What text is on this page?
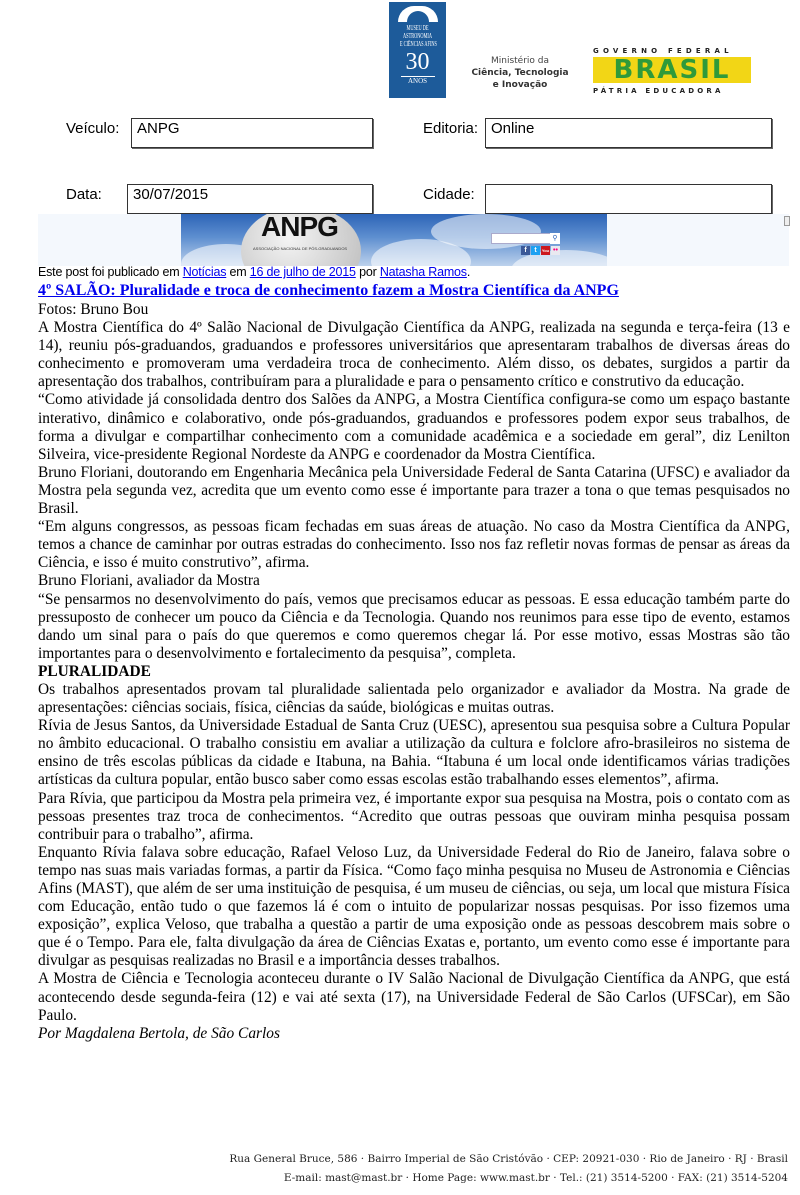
MUSEU DE
ASTRONOMIA
E CIÊNCIAS AFINS
30
ANOS
Ministério da
Ciência, Tecnologia
e Inovação
GOVERNO FEDERAL
BRASIL
PÁTRIA EDUCADORA
Veículo: ANPG	Editoria: Online
Data: 30/07/2015	Cidade:
ANPG
ASSOCIAÇÃO NACIONAL DE PÓS-GRADUANDOS
⚲
f	t	You ••
Este post foi publicado em Notícias em 16 de julho de 2015 por Natasha Ramos.
4º SALÃO: Pluralidade e troca de conhecimento fazem a Mostra Científica da ANPG

Fotos: Bruno Bou

A Mostra Científica do 4º Salão Nacional de Divulgação Científica da ANPG, realizada na segunda e terça-feira (13 e 14), reuniu pós-graduandos, graduandos e professores universitários que apresentaram trabalhos de diversas áreas do conhecimento e promoveram uma verdadeira troca de conhecimento. Além disso, os debates, surgidos a partir da apresentação dos trabalhos, contribuíram para a pluralidade e para o pensamento crítico e construtivo da educação.

“Como atividade já consolidada dentro dos Salões da ANPG, a Mostra Científica configura-se como um espaço bastante interativo, dinâmico e colaborativo, onde pós-graduandos, graduandos e professores podem expor seus trabalhos, de forma a divulgar e compartilhar conhecimento com a comunidade acadêmica e a sociedade em geral”, diz Lenilton Silveira, vice-presidente Regional Nordeste da ANPG e coordenador da Mostra Científica.

Bruno Floriani, doutorando em Engenharia Mecânica pela Universidade Federal de Santa Catarina (UFSC) e avaliador da Mostra pela segunda vez, acredita que um evento como esse é importante para trazer a tona o que temas pesquisados no Brasil.

“Em alguns congressos, as pessoas ficam fechadas em suas áreas de atuação. No caso da Mostra Científica da ANPG, temos a chance de caminhar por outras estradas do conhecimento. Isso nos faz refletir novas formas de pensar as áreas da Ciência, e isso é muito construtivo”, afirma.

Bruno Floriani, avaliador da Mostra

“Se pensarmos no desenvolvimento do país, vemos que precisamos educar as pessoas. E essa educação também parte do pressuposto de conhecer um pouco da Ciência e da Tecnologia. Quando nos reunimos para esse tipo de evento, estamos dando um sinal para o país do que queremos e como queremos chegar lá. Por esse motivo, essas Mostras são tão importantes para o desenvolvimento e fortalecimento da pesquisa”, completa.

PLURALIDADE

Os trabalhos apresentados provam tal pluralidade salientada pelo organizador e avaliador da Mostra. Na grade de apresentações: ciências sociais, física, ciências da saúde, biológicas e muitas outras.

Rívia de Jesus Santos, da Universidade Estadual de Santa Cruz (UESC), apresentou sua pesquisa sobre a Cultura Popular no âmbito educacional. O trabalho consistiu em avaliar a utilização da cultura e folclore afro-brasileiros no sistema de ensino de três escolas públicas da cidade e Itabuna, na Bahia. “Itabuna é um local onde identificamos várias tradições artísticas da cultura popular, então busco saber como essas escolas estão trabalhando esses elementos”, afirma.

Para Rívia, que participou da Mostra pela primeira vez, é importante expor sua pesquisa na Mostra, pois o contato com as pessoas presentes traz troca de conhecimentos. “Acredito que outras pessoas que ouviram minha pesquisa possam contribuir para o trabalho”, afirma.

Enquanto Rívia falava sobre educação, Rafael Veloso Luz, da Universidade Federal do Rio de Janeiro, falava sobre o tempo nas suas mais variadas formas, a partir da Física. “Como faço minha pesquisa no Museu de Astronomia e Ciências Afins (MAST), que além de ser uma instituição de pesquisa, é um museu de ciências, ou seja, um local que mistura Física com Educação, então tudo o que fazemos lá é com o intuito de popularizar nossas pesquisas. Por isso fizemos uma exposição”, explica Veloso, que trabalha a questão a partir de uma exposição onde as pessoas descobrem mais sobre o que é o Tempo. Para ele, falta divulgação da área de Ciências Exatas e, portanto, um evento como esse é importante para divulgar as pesquisas realizadas no Brasil e a importância desses trabalhos.

A Mostra de Ciência e Tecnologia aconteceu durante o IV Salão Nacional de Divulgação Científica da ANPG, que está acontecendo desde segunda-feira (12) e vai até sexta (17), na Universidade Federal de São Carlos (UFSCar), em São Paulo.

Por Magdalena Bertola, de São Carlos

Rua General Bruce, 586 · Bairro Imperial de São Cristóvão · CEP: 20921-030 · Rio de Janeiro · RJ · Brasil
E-mail: mast@mast.br · Home Page: www.mast.br · Tel.: (21) 3514-5200 · FAX: (21) 3514-5204
